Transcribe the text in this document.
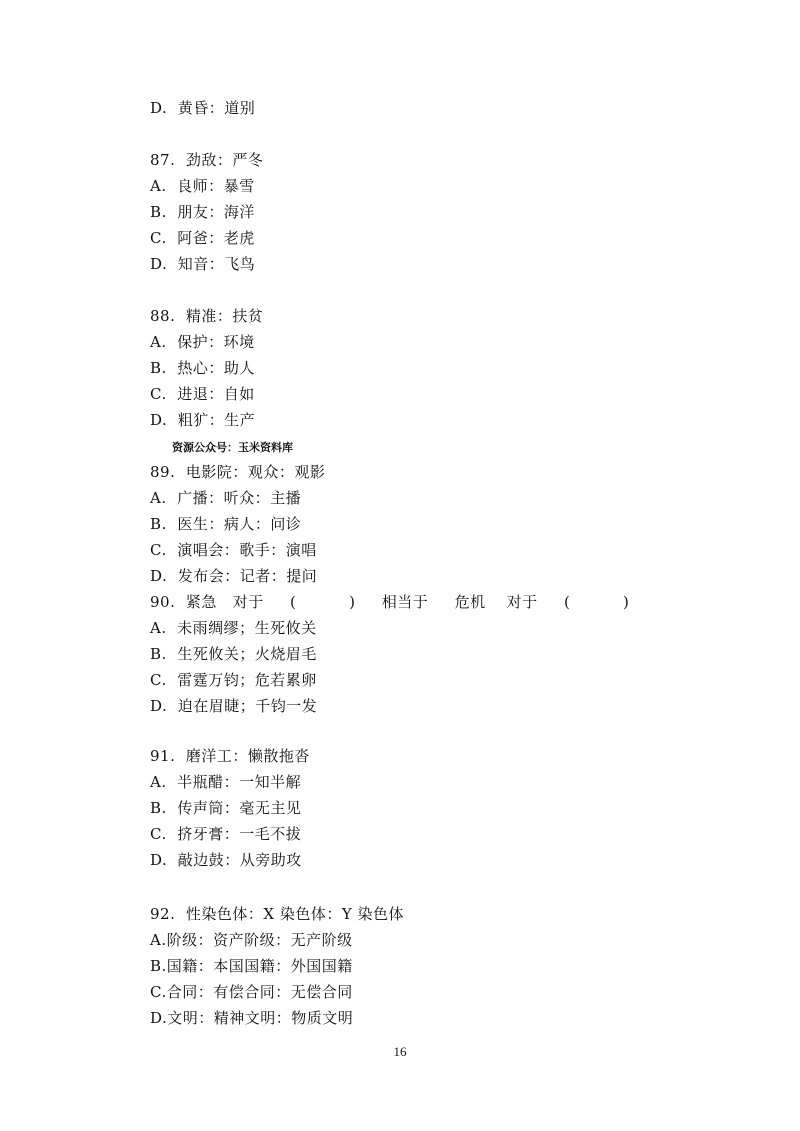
D.  黄昏：道别
87.  劲敌：严冬
A.  良师：暴雪
B.  朋友：海洋
C.  阿爸：老虎
D.  知音：飞鸟
88.  精准：扶贫
A.  保护：环境
B.  热心：助人
C.  进退：自如
D.  粗犷：生产
资源公众号：玉米资料库
89.  电影院：观众：观影
A.  广播：听众：主播
B.  医生：病人：问诊
C.  演唱会：歌手：演唱
D.  发布会：记者：提问
90.  紧急   对于     (          )     相当于     危机    对于     (          )
A.  未雨绸缪；生死攸关
B.  生死攸关；火烧眉毛
C.  雷霆万钧；危若累卵
D.  迫在眉睫；千钧一发
91.  磨洋工：懒散拖沓
A.  半瓶醋：一知半解
B.  传声筒：毫无主见
C.  挤牙膏：一毛不拔
D.  敲边鼓：从旁助攻
92.  性染色体：X 染色体：Y 染色体
A.阶级：资产阶级：无产阶级
B.国籍：本国国籍：外国国籍
C.合同：有偿合同：无偿合同
D.文明：精神文明：物质文明
16
